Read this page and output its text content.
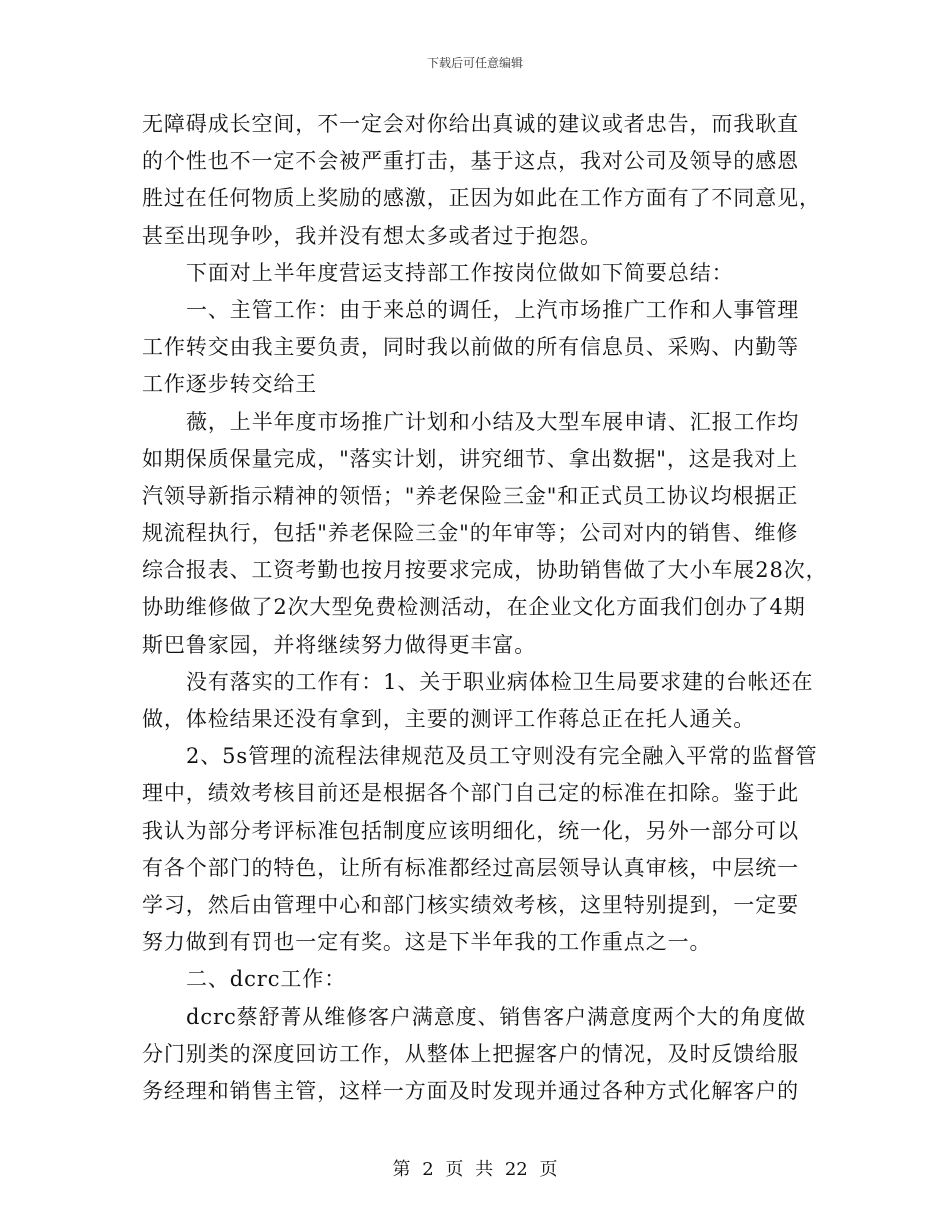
下载后可任意编辑
无障碍成长空间，不一定会对你给出真诚的建议或者忠告，而我耿直
的个性也不一定不会被严重打击，基于这点，我对公司及领导的感恩
胜过在任何物质上奖励的感激，正因为如此在工作方面有了不同意见，
甚至出现争吵，我并没有想太多或者过于抱怨。
下面对上半年度营运支持部工作按岗位做如下简要总结：
一、主管工作：由于来总的调任，上汽市场推广工作和人事管理
工作转交由我主要负责，同时我以前做的所有信息员、采购、内勤等
工作逐步转交给王
薇，上半年度市场推广计划和小结及大型车展申请、汇报工作均
如期保质保量完成，"落实计划，讲究细节、拿出数据"，这是我对上
汽领导新指示精神的领悟；"养老保险三金"和正式员工协议均根据正
规流程执行，包括"养老保险三金"的年审等；公司对内的销售、维修
综合报表、工资考勤也按月按要求完成，协助销售做了大小车展28次，
协助维修做了2次大型免费检测活动，在企业文化方面我们创办了4期
斯巴鲁家园，并将继续努力做得更丰富。
没有落实的工作有：1、关于职业病体检卫生局要求建的台帐还在
做，体检结果还没有拿到，主要的测评工作蒋总正在托人通关。
2、5s管理的流程法律规范及员工守则没有完全融入平常的监督管
理中，绩效考核目前还是根据各个部门自己定的标准在扣除。鉴于此
我认为部分考评标准包括制度应该明细化，统一化，另外一部分可以
有各个部门的特色，让所有标准都经过高层领导认真审核，中层统一
学习，然后由管理中心和部门核实绩效考核，这里特别提到，一定要
努力做到有罚也一定有奖。这是下半年我的工作重点之一。
二、dcrc工作：
dcrc蔡舒菁从维修客户满意度、销售客户满意度两个大的角度做
分门别类的深度回访工作，从整体上把握客户的情况，及时反馈给服
务经理和销售主管，这样一方面及时发现并通过各种方式化解客户的
第 2 页 共 22 页
